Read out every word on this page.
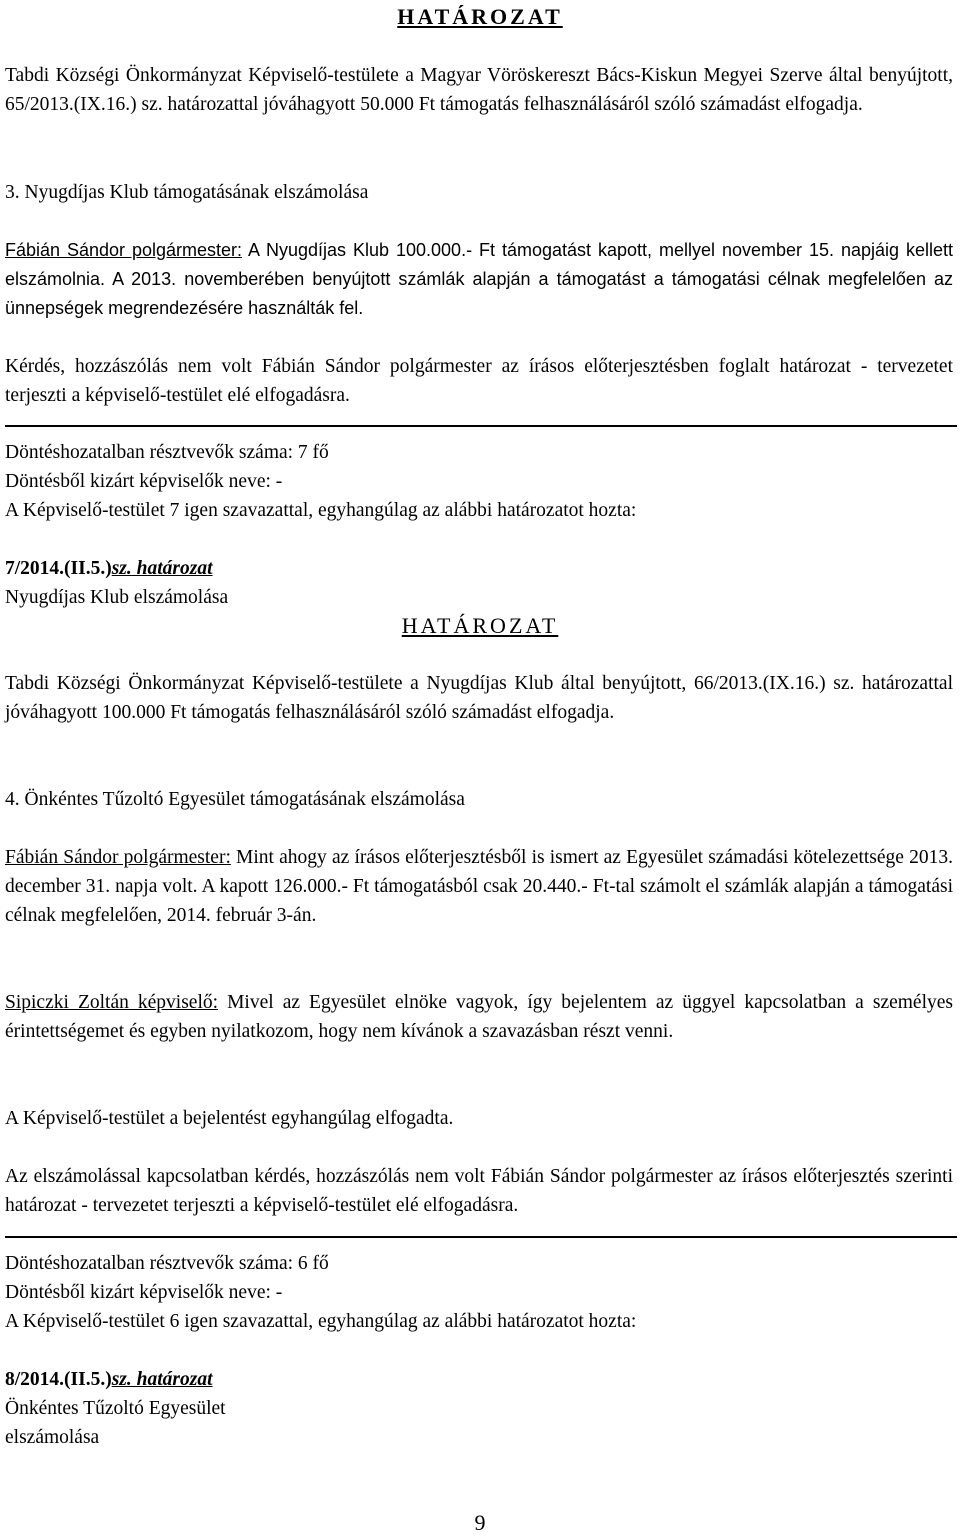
HATÁROZAT

Tabdi Községi Önkormányzat Képviselő-testülete a Magyar Vöröskereszt Bács-Kiskun Megyei Szerve által benyújtott, 65/2013.(IX.16.) sz. határozattal jóváhagyott 50.000 Ft támogatás felhasználásáról szóló számadást elfogadja.

3. Nyugdíjas Klub támogatásának elszámolása

Fábián Sándor polgármester: A Nyugdíjas Klub 100.000.- Ft támogatást kapott, mellyel november 15. napjáig kellett elszámolnia. A 2013. novemberében benyújtott számlák alapján a támogatást a támogatási célnak megfelelően az ünnepségek megrendezésére használták fel.

Kérdés, hozzászólás nem volt Fábián Sándor polgármester az írásos előterjesztésben foglalt határozat - tervezetet terjeszti a képviselő-testület elé elfogadásra.

Döntéshozatalban résztvevők száma: 7 fő

Döntésből kizárt képviselők neve: -

A Képviselő-testület 7 igen szavazattal, egyhangúlag az alábbi határozatot hozta:

7/2014.(II.5.)sz. határozat

Nyugdíjas Klub elszámolása

HATÁROZAT

Tabdi Községi Önkormányzat Képviselő-testülete a Nyugdíjas Klub által benyújtott, 66/2013.(IX.16.) sz. határozattal jóváhagyott 100.000 Ft támogatás felhasználásáról szóló számadást elfogadja.

4. Önkéntes Tűzoltó Egyesület támogatásának elszámolása

Fábián Sándor polgármester: Mint ahogy az írásos előterjesztésből is ismert az Egyesület számadási kötelezettsége 2013. december 31. napja volt. A kapott 126.000.- Ft támogatásból csak 20.440.- Ft-tal számolt el számlák alapján a támogatási célnak megfelelően, 2014. február 3-án.

Sipiczki Zoltán képviselő: Mivel az Egyesület elnöke vagyok, így bejelentem az üggyel kapcsolatban a személyes érintettségemet és egyben nyilatkozom, hogy nem kívánok a szavazásban részt venni.

A Képviselő-testület a bejelentést egyhangúlag elfogadta.

Az elszámolással kapcsolatban kérdés, hozzászólás nem volt Fábián Sándor polgármester az írásos előterjesztés szerinti határozat - tervezetet terjeszti a képviselő-testület elé elfogadásra.

Döntéshozatalban résztvevők száma: 6 fő

Döntésből kizárt képviselők neve: -

A Képviselő-testület 6 igen szavazattal, egyhangúlag az alábbi határozatot hozta:

8/2014.(II.5.)sz. határozat

Önkéntes Tűzoltó Egyesület

elszámolása

9
